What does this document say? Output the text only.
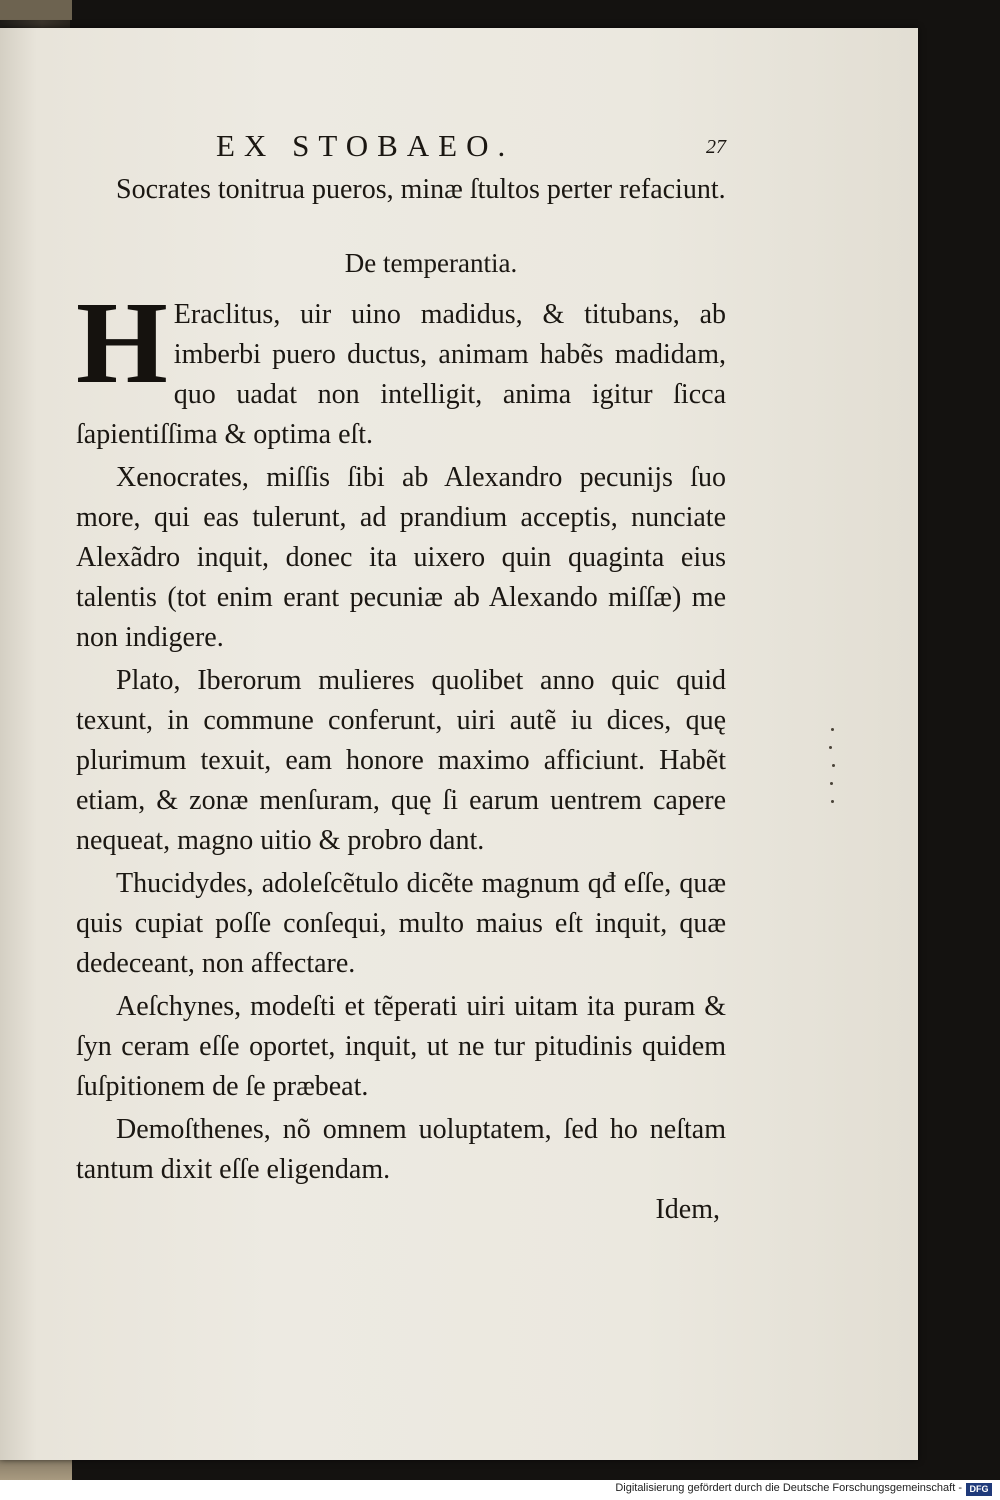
EX STOBAEO.	27

Socrates tonitrua pueros, minæ ſtultos perter refaciunt.

De temperantia.

H Eraclitus, uir uino madidus, & titubans, ab imberbi puero ductus, animam habẽs madidam, quo uadat non intelligit, anima igitur ſicca ſapientiſſima & optima eſt.

Xenocrates, miſſis ſibi ab Alexandro pecunijs ſuo more, qui eas tulerunt, ad prandium acceptis, nunciate Alexãdro inquit, donec ita uixero quin quaginta eius talentis (tot enim erant pecuniæ ab Alexando miſſæ) me non indigere.

Plato, Iberorum mulieres quolibet anno quic quid texunt, in commune conferunt, uiri autẽ iu dices, quę plurimum texuit, eam honore maximo afficiunt. Habẽt etiam, & zonæ menſuram, quę ſi earum uentrem capere nequeat, magno uitio & probro dant.

Thucidydes, adoleſcẽtulo dicẽte magnum qđ eſſe, quæ quis cupiat poſſe conſequi, multo maius eſt inquit, quæ dedeceant, non affectare.

Aeſchynes, modeſti et tẽperati uiri uitam ita puram & ſyn ceram eſſe oportet, inquit, ut ne tur pitudinis quidem ſuſpitionem de ſe præbeat.

Demoſthenes, nõ omnem uoluptatem, ſed ho neſtam tantum dixit eſſe eligendam.

Idem,
Digitalisierung gefördert durch die Deutsche Forschungsgemeinschaft - DFG
